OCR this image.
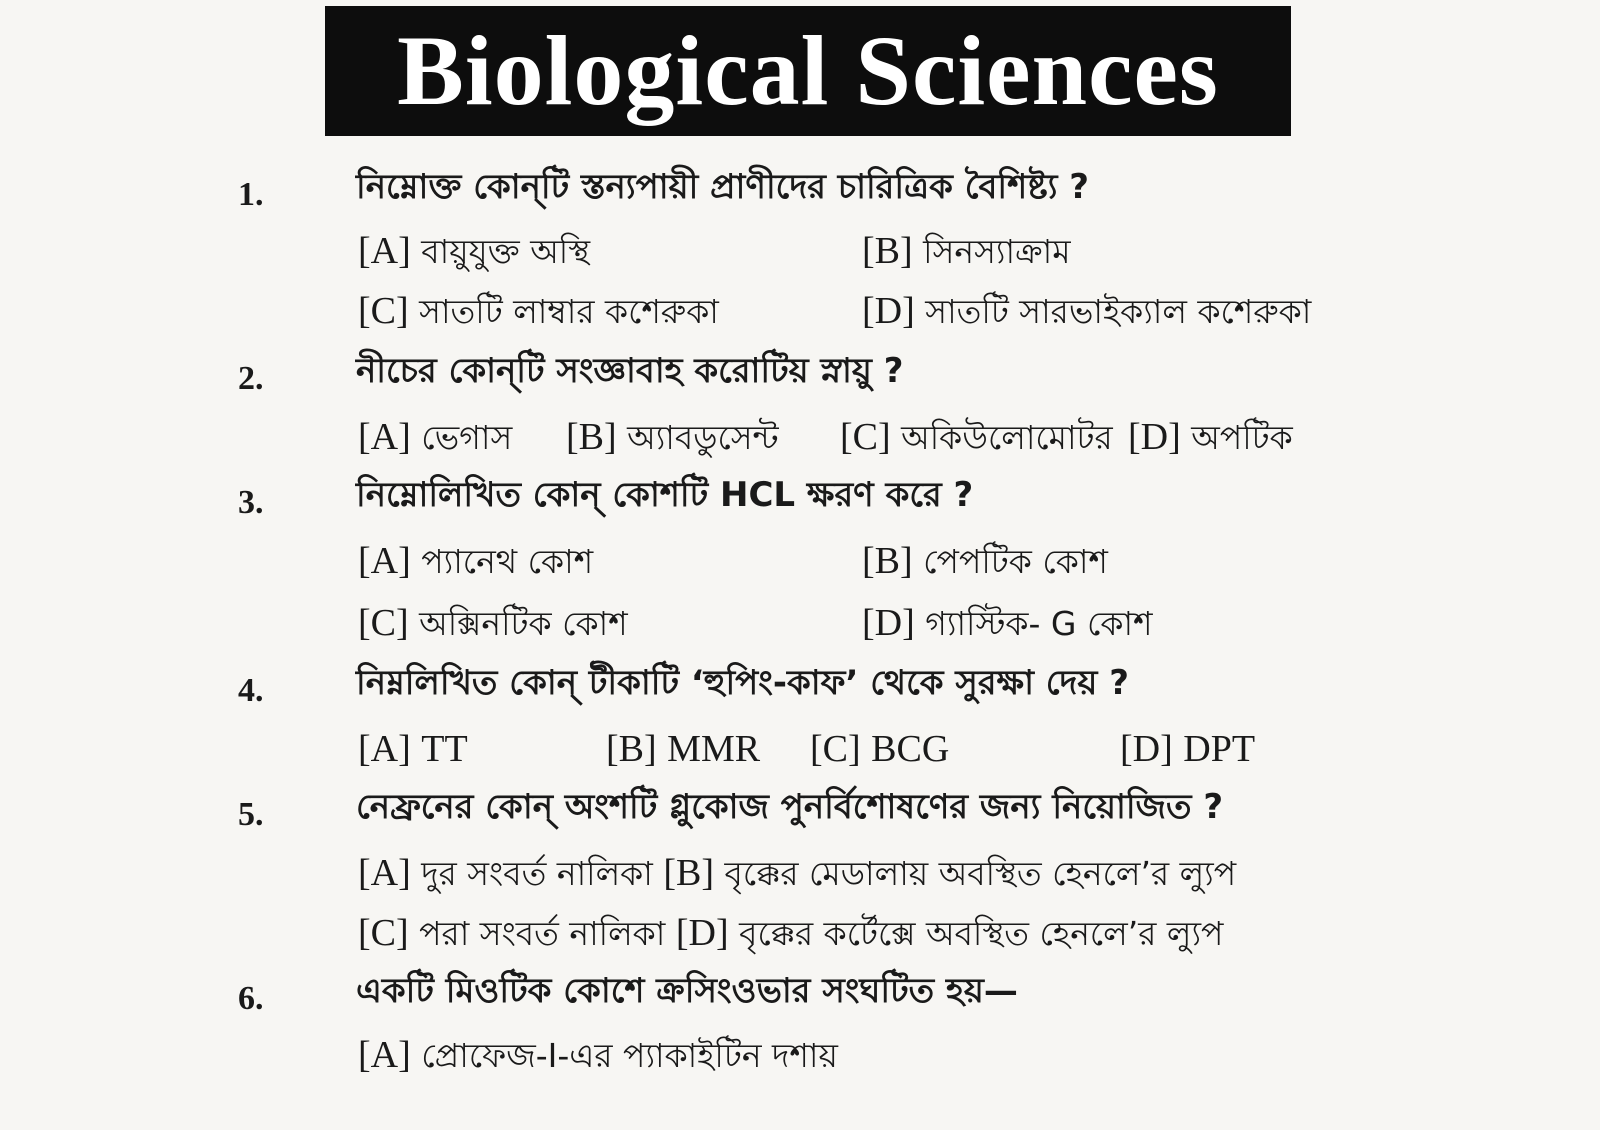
Biological Sciences
1.	নিম্নোক্ত কোন্‌টি স্তন্যপায়ী প্রাণীদের চারিত্রিক বৈশিষ্ট্য ?
[A] বায়ুযুক্ত অস্থি	[B] সিনস্যাক্রাম
[C] সাতটি লাম্বার কশেরুকা	[D] সাতটি সারভাইক্যাল কশেরুকা
2.	নীচের কোন্‌টি সংজ্ঞাবাহ করোটিয় স্নায়ু ?
[A] ভেগাস [B] অ্যাবডুসেন্ট [C] অকিউলোমোটর [D] অপটিক
3.	নিম্নোলিখিত কোন্‌ কোশটি HCL ক্ষরণ করে ?
[A] প্যানেথ কোশ	[B] পেপটিক কোশ
[C] অক্সিনটিক কোশ	[D] গ্যাস্টিক- G কোশ
4.	নিম্নলিখিত কোন্‌ টীকাটি ‘হুপিং-কাফ’ থেকে সুরক্ষা দেয় ?
[A] TT	[B] MMR [C] BCG	[D] DPT
5.	নেফ্রনের কোন্‌ অংশটি গ্লুকোজ পুনর্বিশোষণের জন্য নিয়োজিত ?
[A] দুর সংবর্ত নালিকা [B] বৃক্কের মেডালায় অবস্থিত হেনলে’র ল্যুপ
[C] পরা সংবর্ত নালিকা [D] বৃক্কের কর্টেক্সে অবস্থিত হেনলে’র ল্যুপ
6.	একটি মিওটিক কোশে ক্রসিংওভার সংঘটিত হয়—
[A] প্রোফেজ-I-এর প্যাকাইটিন দশায়
